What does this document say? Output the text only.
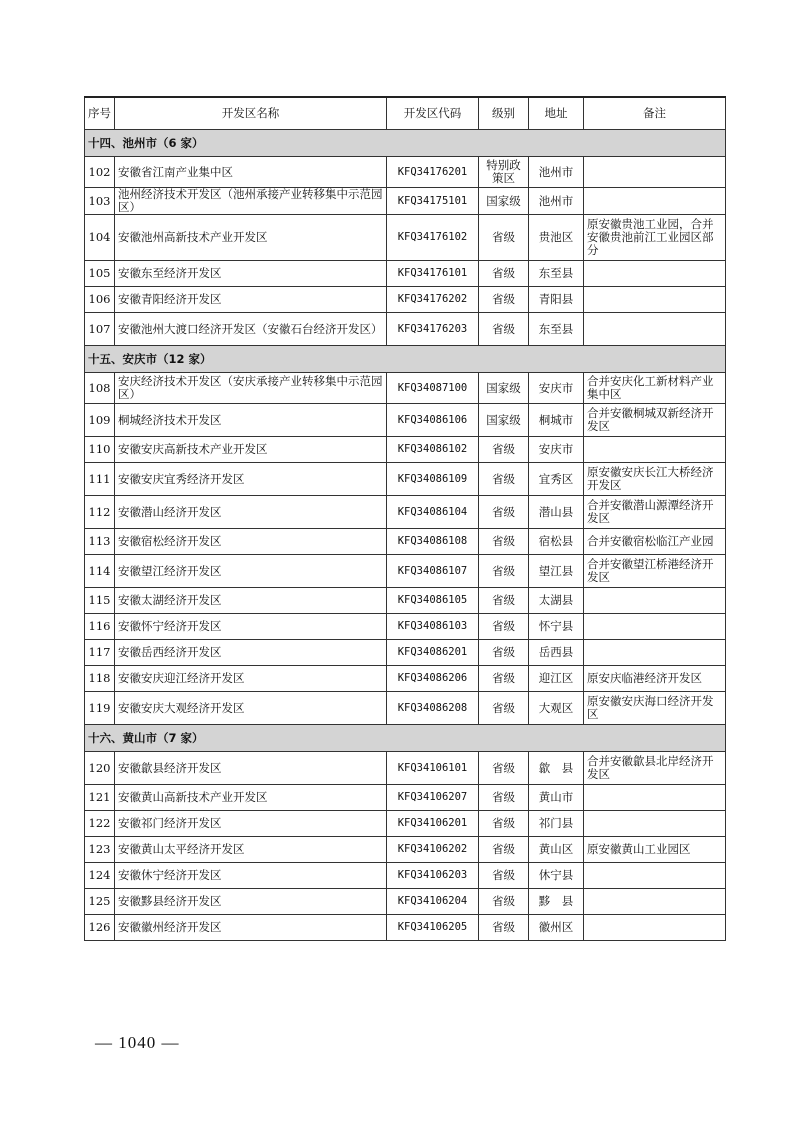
序号	开发区名称	开发区代码	级别	地址	备注
十四、池州市（6 家）					
102	安徽省江南产业集中区	KFQ34176201	特别政策区	池州市	
103	池州经济技术开发区（池州承接产业转移集中示范园区）	KFQ34175101	国家级	池州市	
104	安徽池州高新技术产业开发区	KFQ34176102	省级	贵池区	原安徽贵池工业园，合并安徽贵池前江工业园区部分
105	安徽东至经济开发区	KFQ34176101	省级	东至县	
106	安徽青阳经济开发区	KFQ34176202	省级	青阳县	
107	安徽池州大渡口经济开发区（安徽石台经济开发区）	KFQ34176203	省级	东至县	
十五、安庆市（12 家）					
108	安庆经济技术开发区（安庆承接产业转移集中示范园区）	KFQ34087100	国家级	安庆市	合并安庆化工新材料产业集中区
109	桐城经济技术开发区	KFQ34086106	国家级	桐城市	合并安徽桐城双新经济开发区
110	安徽安庆高新技术产业开发区	KFQ34086102	省级	安庆市	
111	安徽安庆宜秀经济开发区	KFQ34086109	省级	宜秀区	原安徽安庆长江大桥经济开发区
112	安徽潜山经济开发区	KFQ34086104	省级	潜山县	合并安徽潜山源潭经济开发区
113	安徽宿松经济开发区	KFQ34086108	省级	宿松县	合并安徽宿松临江产业园
114	安徽望江经济开发区	KFQ34086107	省级	望江县	合并安徽望江桥港经济开发区
115	安徽太湖经济开发区	KFQ34086105	省级	太湖县	
116	安徽怀宁经济开发区	KFQ34086103	省级	怀宁县	
117	安徽岳西经济开发区	KFQ34086201	省级	岳西县	
118	安徽安庆迎江经济开发区	KFQ34086206	省级	迎江区	原安庆临港经济开发区
119	安徽安庆大观经济开发区	KFQ34086208	省级	大观区	原安徽安庆海口经济开发区
十六、黄山市（7 家）					
120	安徽歙县经济开发区	KFQ34106101	省级	歙　县	合并安徽歙县北岸经济开发区
121	安徽黄山高新技术产业开发区	KFQ34106207	省级	黄山市	
122	安徽祁门经济开发区	KFQ34106201	省级	祁门县	
123	安徽黄山太平经济开发区	KFQ34106202	省级	黄山区	原安徽黄山工业园区
124	安徽休宁经济开发区	KFQ34106203	省级	休宁县	
125	安徽黟县经济开发区	KFQ34106204	省级	黟　县	
126	安徽徽州经济开发区	KFQ34106205	省级	徽州区	
— 1040 —
